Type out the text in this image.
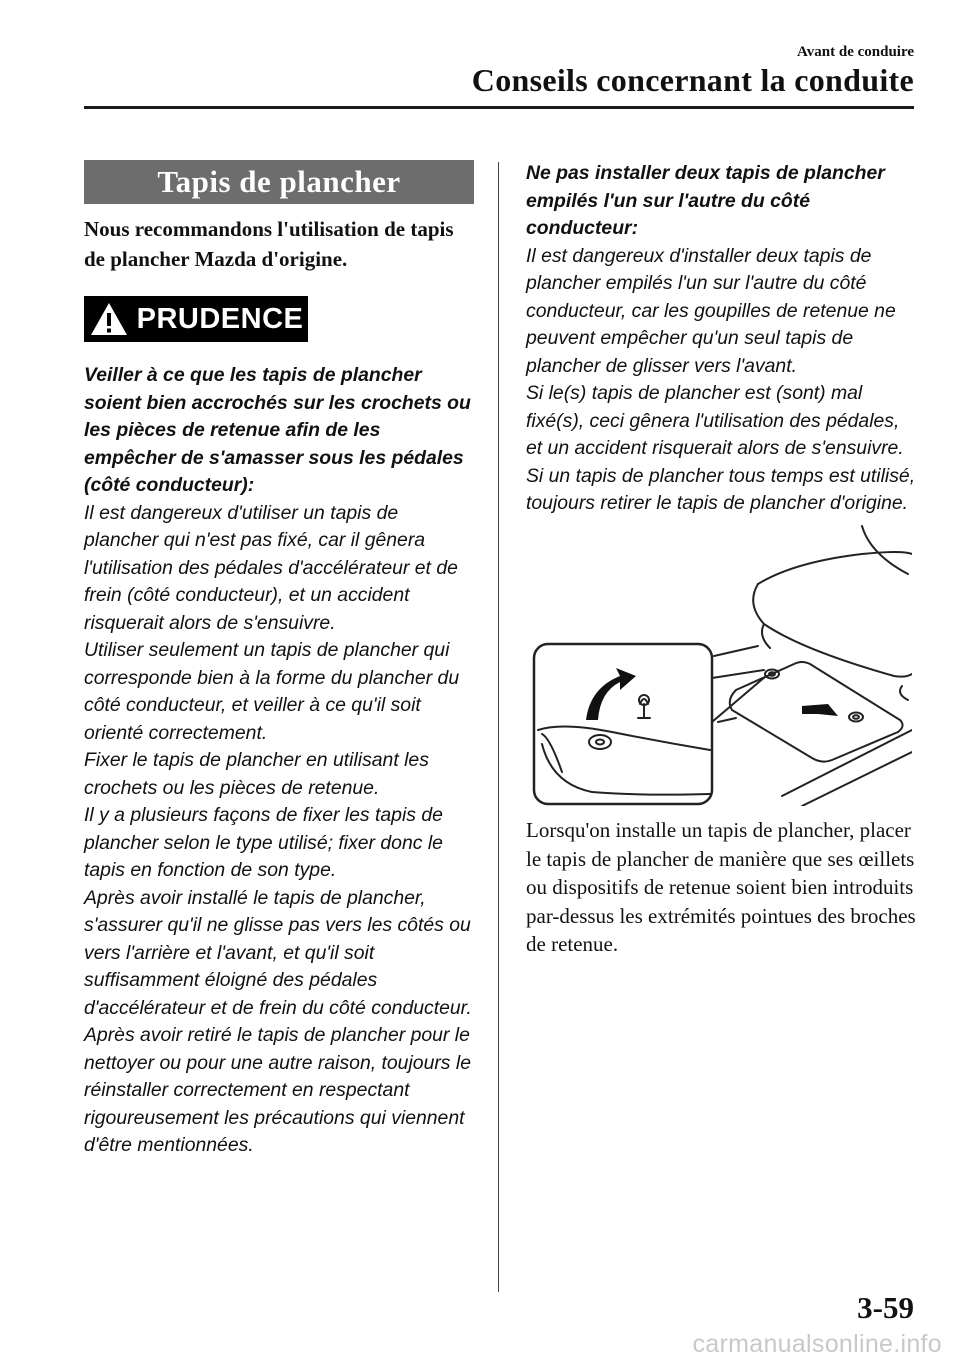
Avant de conduire
Conseils concernant la conduite
Tapis de plancher
Nous recommandons l'utilisation de tapis de plancher Mazda d'origine.
PRUDENCE

Veiller à ce que les tapis de plancher soient bien accrochés sur les crochets ou les pièces de retenue afin de les empêcher de s'amasser sous les pédales (côté conducteur):

Il est dangereux d'utiliser un tapis de plancher qui n'est pas fixé, car il gênera l'utilisation des pédales d'accélérateur et de frein (côté conducteur), et un accident risquerait alors de s'ensuivre.

Utiliser seulement un tapis de plancher qui corresponde bien à la forme du plancher du côté conducteur, et veiller à ce qu'il soit orienté correctement.

Fixer le tapis de plancher en utilisant les crochets ou les pièces de retenue.

Il y a plusieurs façons de fixer les tapis de plancher selon le type utilisé; fixer donc le tapis en fonction de son type.

Après avoir installé le tapis de plancher, s'assurer qu'il ne glisse pas vers les côtés ou vers l'arrière et l'avant, et qu'il soit suffisamment éloigné des pédales d'accélérateur et de frein du côté conducteur.

Après avoir retiré le tapis de plancher pour le nettoyer ou pour une autre raison, toujours le réinstaller correctement en respectant rigoureusement les précautions qui viennent d'être mentionnées.

Ne pas installer deux tapis de plancher empilés l'un sur l'autre du côté conducteur:

Il est dangereux d'installer deux tapis de plancher empilés l'un sur l'autre du côté conducteur, car les goupilles de retenue ne peuvent empêcher qu'un seul tapis de plancher de glisser vers l'avant.

Si le(s) tapis de plancher est (sont) mal fixé(s), ceci gênera l'utilisation des pédales, et un accident risquerait alors de s'ensuivre.

Si un tapis de plancher tous temps est utilisé, toujours retirer le tapis de plancher d'origine.

Lorsqu'on installe un tapis de plancher, placer le tapis de plancher de manière que ses œillets ou dispositifs de retenue soient bien introduits par-dessus les extrémités pointues des broches de retenue.
3-59
carmanualsonline.info
